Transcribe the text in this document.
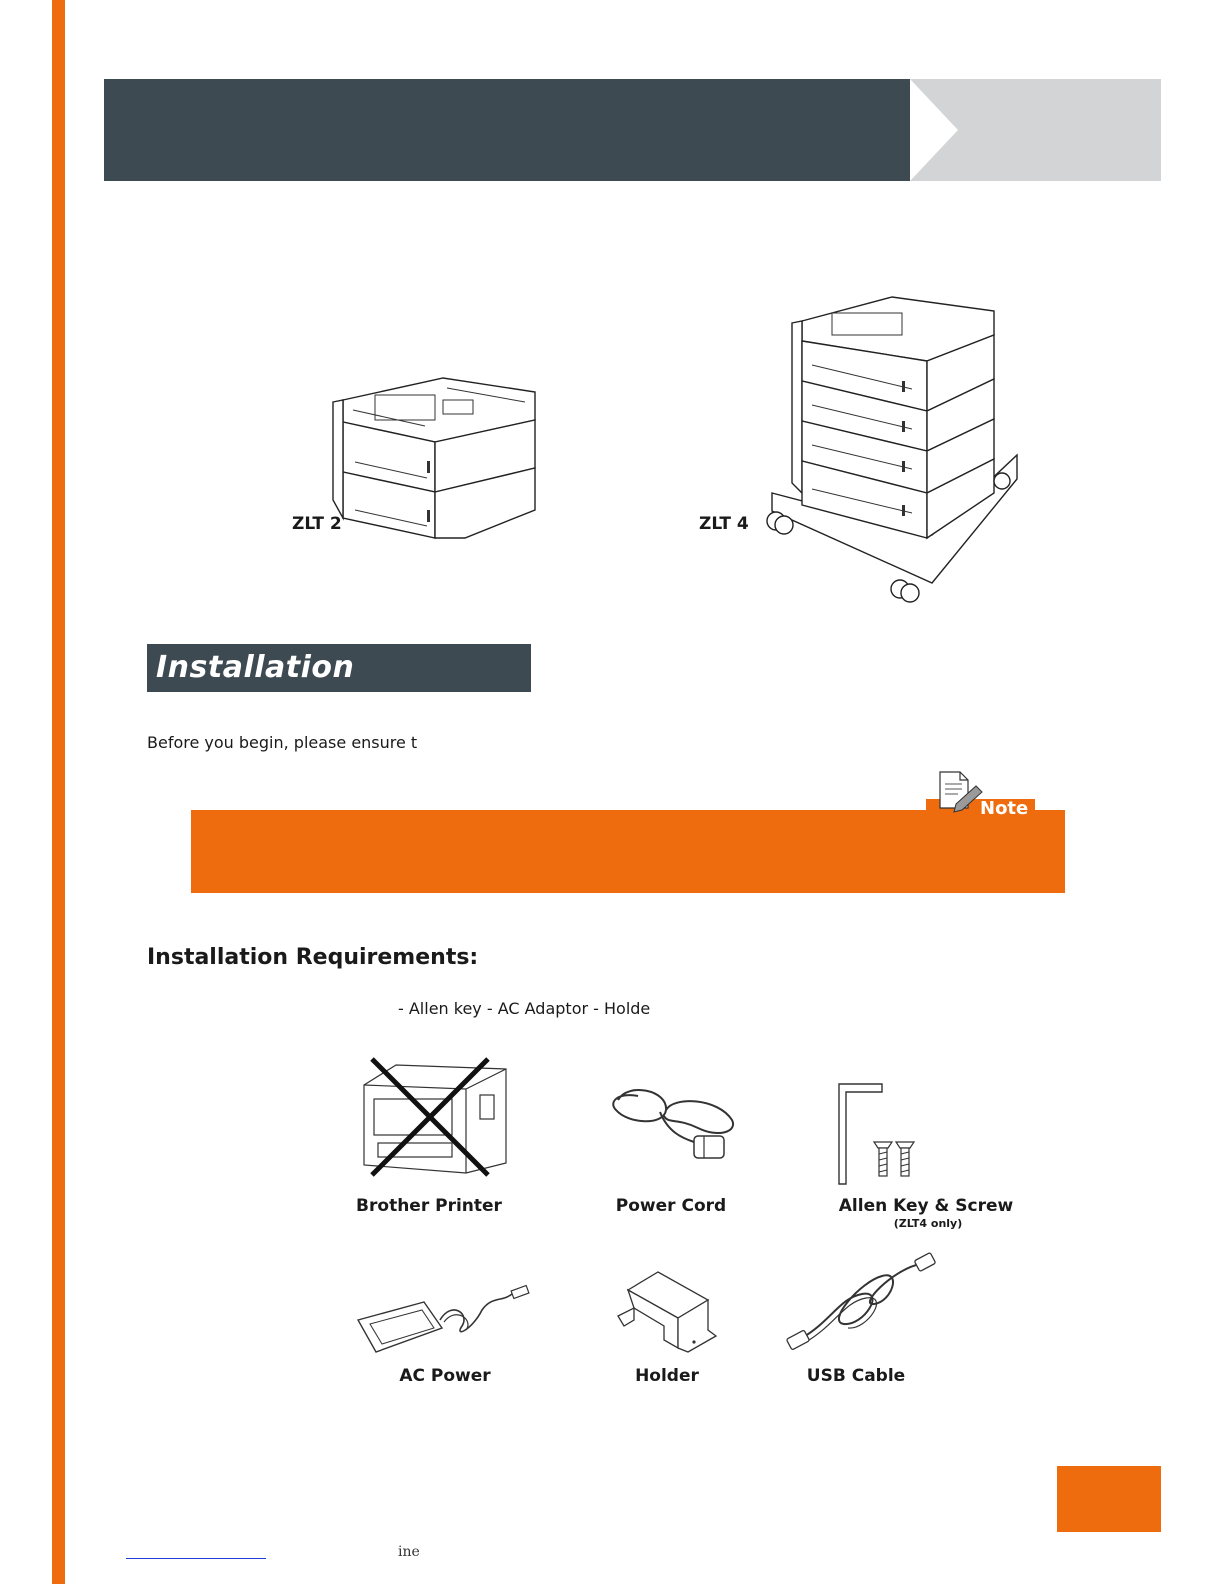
ZLT 2	ZLT 4
Installation Sequence
Before you begin, please ensure t
Note
Installation Requirements:
- Allen key - AC Adaptor - Holde
Brother Printer	Power Cord	Allen Key & Screw
(ZLT4 only)
AC Power	Holder	USB Cable
ine
